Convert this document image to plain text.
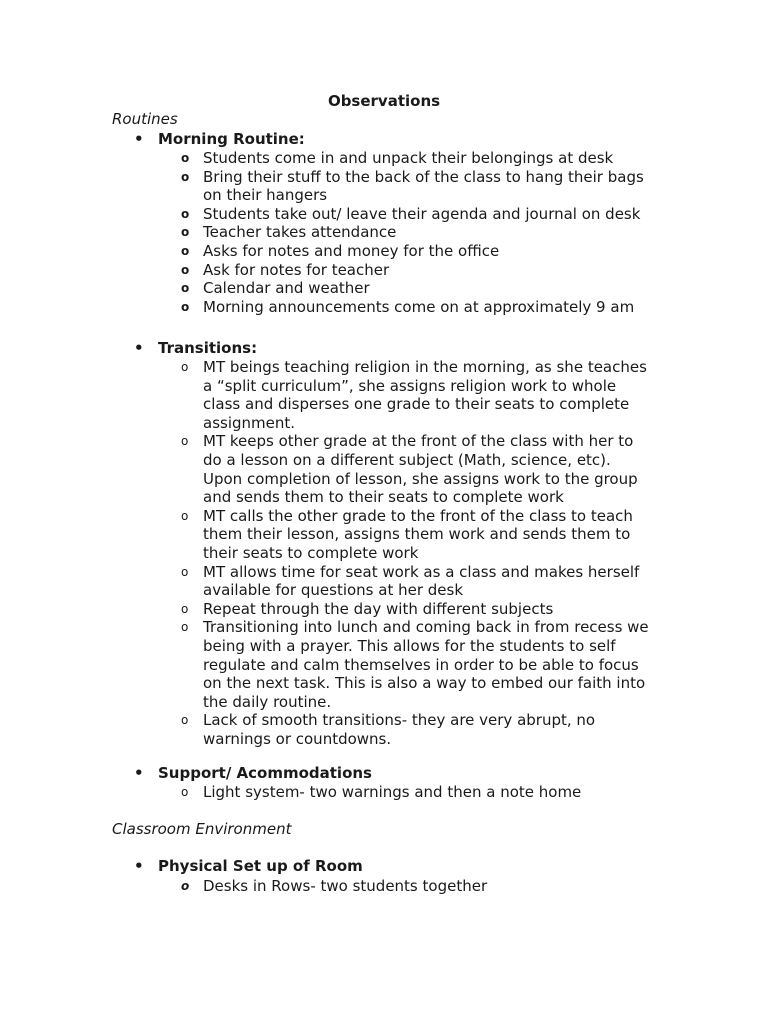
Observations
Routines
• Morning Routine:
o Students come in and unpack their belongings at desk
o Bring their stuff to the back of the class to hang their bags on their hangers
o Students take out/ leave their agenda and journal on desk
o Teacher takes attendance
o Asks for notes and money for the office
o Ask for notes for teacher
o Calendar and weather
o Morning announcements come on at approximately 9 am
• Transitions:
o MT beings teaching religion in the morning, as she teaches a “split curriculum”, she assigns religion work to whole class and disperses one grade to their seats to complete assignment.
o MT keeps other grade at the front of the class with her to do a lesson on a different subject (Math, science, etc). Upon completion of lesson, she assigns work to the group and sends them to their seats to complete work
o MT calls the other grade to the front of the class to teach them their lesson, assigns them work and sends them to their seats to complete work
o MT allows time for seat work as a class and makes herself available for questions at her desk
o Repeat through the day with different subjects
o Transitioning into lunch and coming back in from recess we being with a prayer. This allows for the students to self regulate and calm themselves in order to be able to focus on the next task. This is also a way to embed our faith into the daily routine.
o Lack of smooth transitions- they are very abrupt, no warnings or countdowns.
• Support/ Acommodations
o Light system- two warnings and then a note home
Classroom Environment
• Physical Set up of Room
o Desks in Rows- two students together
